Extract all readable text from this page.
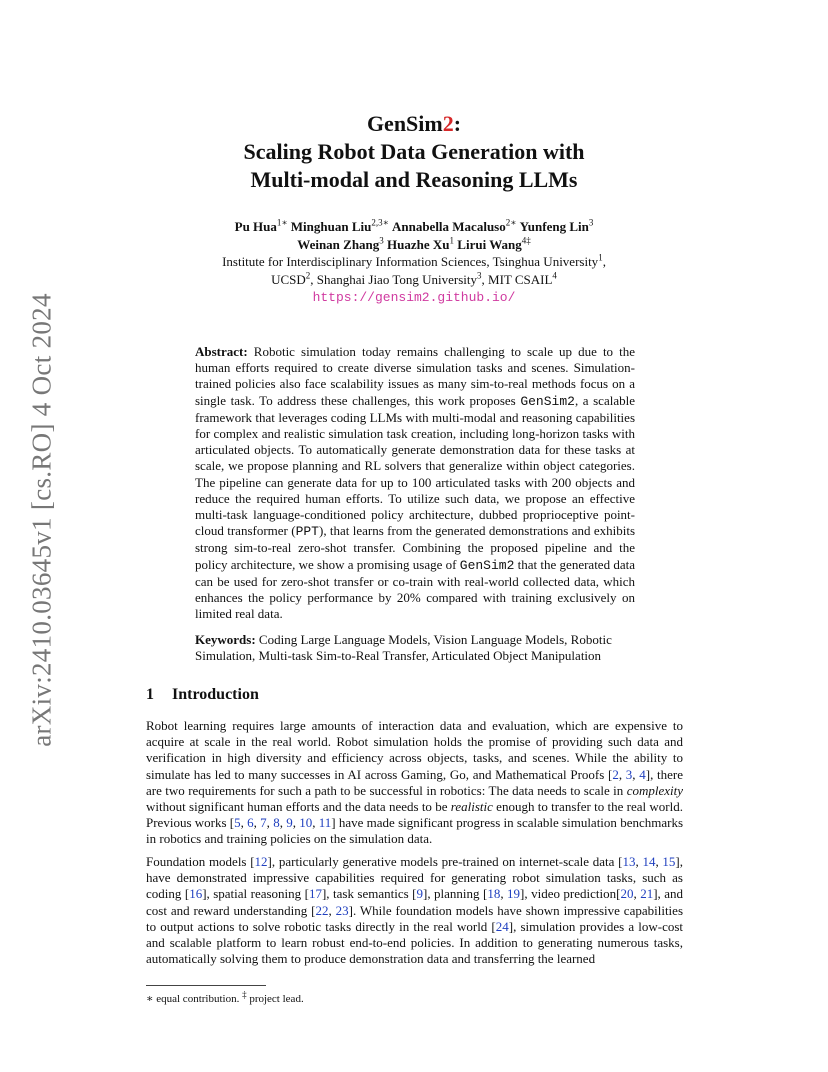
arXiv:2410.03645v1 [cs.RO] 4 Oct 2024
GenSim2:
Scaling Robot Data Generation with
Multi-modal and Reasoning LLMs
Pu Hua$^{1∗}$ Minghuan Liu$^{2,3∗}$ Annabella Macaluso$^{2∗}$ Yunfeng Lin$^3$
Weinan Zhang$^3$ Huazhe Xu$^1$ Lirui Wang$^{4\ddagger}$
Institute for Interdisciplinary Information Sciences, Tsinghua University$^1$,
UCSD$^2$, Shanghai Jiao Tong University$^3$, MIT CSAIL$^4$
https://gensim2.github.io/
Abstract: Robotic simulation today remains challenging to scale up due to the human efforts required to create diverse simulation tasks and scenes. Simulation-trained policies also face scalability issues as many sim-to-real methods focus on a single task. To address these challenges, this work proposes GenSim2, a scalable framework that leverages coding LLMs with multi-modal and reasoning capabilities for complex and realistic simulation task creation, including long-horizon tasks with articulated objects. To automatically generate demonstration data for these tasks at scale, we propose planning and RL solvers that generalize within object categories. The pipeline can generate data for up to 100 articulated tasks with 200 objects and reduce the required human efforts. To utilize such data, we propose an effective multi-task language-conditioned policy architecture, dubbed proprioceptive point-cloud transformer (PPT), that learns from the generated demonstrations and exhibits strong sim-to-real zero-shot transfer. Combining the proposed pipeline and the policy architecture, we show a promising usage of GenSim2 that the generated data can be used for zero-shot transfer or co-train with real-world collected data, which enhances the policy performance by 20% compared with training exclusively on limited real data.
Keywords: Coding Large Language Models, Vision Language Models, Robotic Simulation, Multi-task Sim-to-Real Transfer, Articulated Object Manipulation
1 Introduction
Robot learning requires large amounts of interaction data and evaluation, which are expensive to acquire at scale in the real world. Robot simulation holds the promise of providing such data and verification in high diversity and efficiency across objects, tasks, and scenes. While the ability to simulate has led to many successes in AI across Gaming, Go, and Mathematical Proofs [2, 3, 4], there are two requirements for such a path to be successful in robotics: The data needs to scale in complexity without significant human efforts and the data needs to be realistic enough to transfer to the real world. Previous works [5, 6, 7, 8, 9, 10, 11] have made significant progress in scalable simulation benchmarks in robotics and training policies on the simulation data.
Foundation models [12], particularly generative models pre-trained on internet-scale data [13, 14, 15], have demonstrated impressive capabilities required for generating robot simulation tasks, such as coding [16], spatial reasoning [17], task semantics [9], planning [18, 19], video prediction[20, 21], and cost and reward understanding [22, 23]. While foundation models have shown impressive capabilities to output actions to solve robotic tasks directly in the real world [24], simulation provides a low-cost and scalable platform to learn robust end-to-end policies. In addition to generating numerous tasks, automatically solving them to produce demonstration data and transferring the learned
∗ equal contribution. ‡ project lead.
